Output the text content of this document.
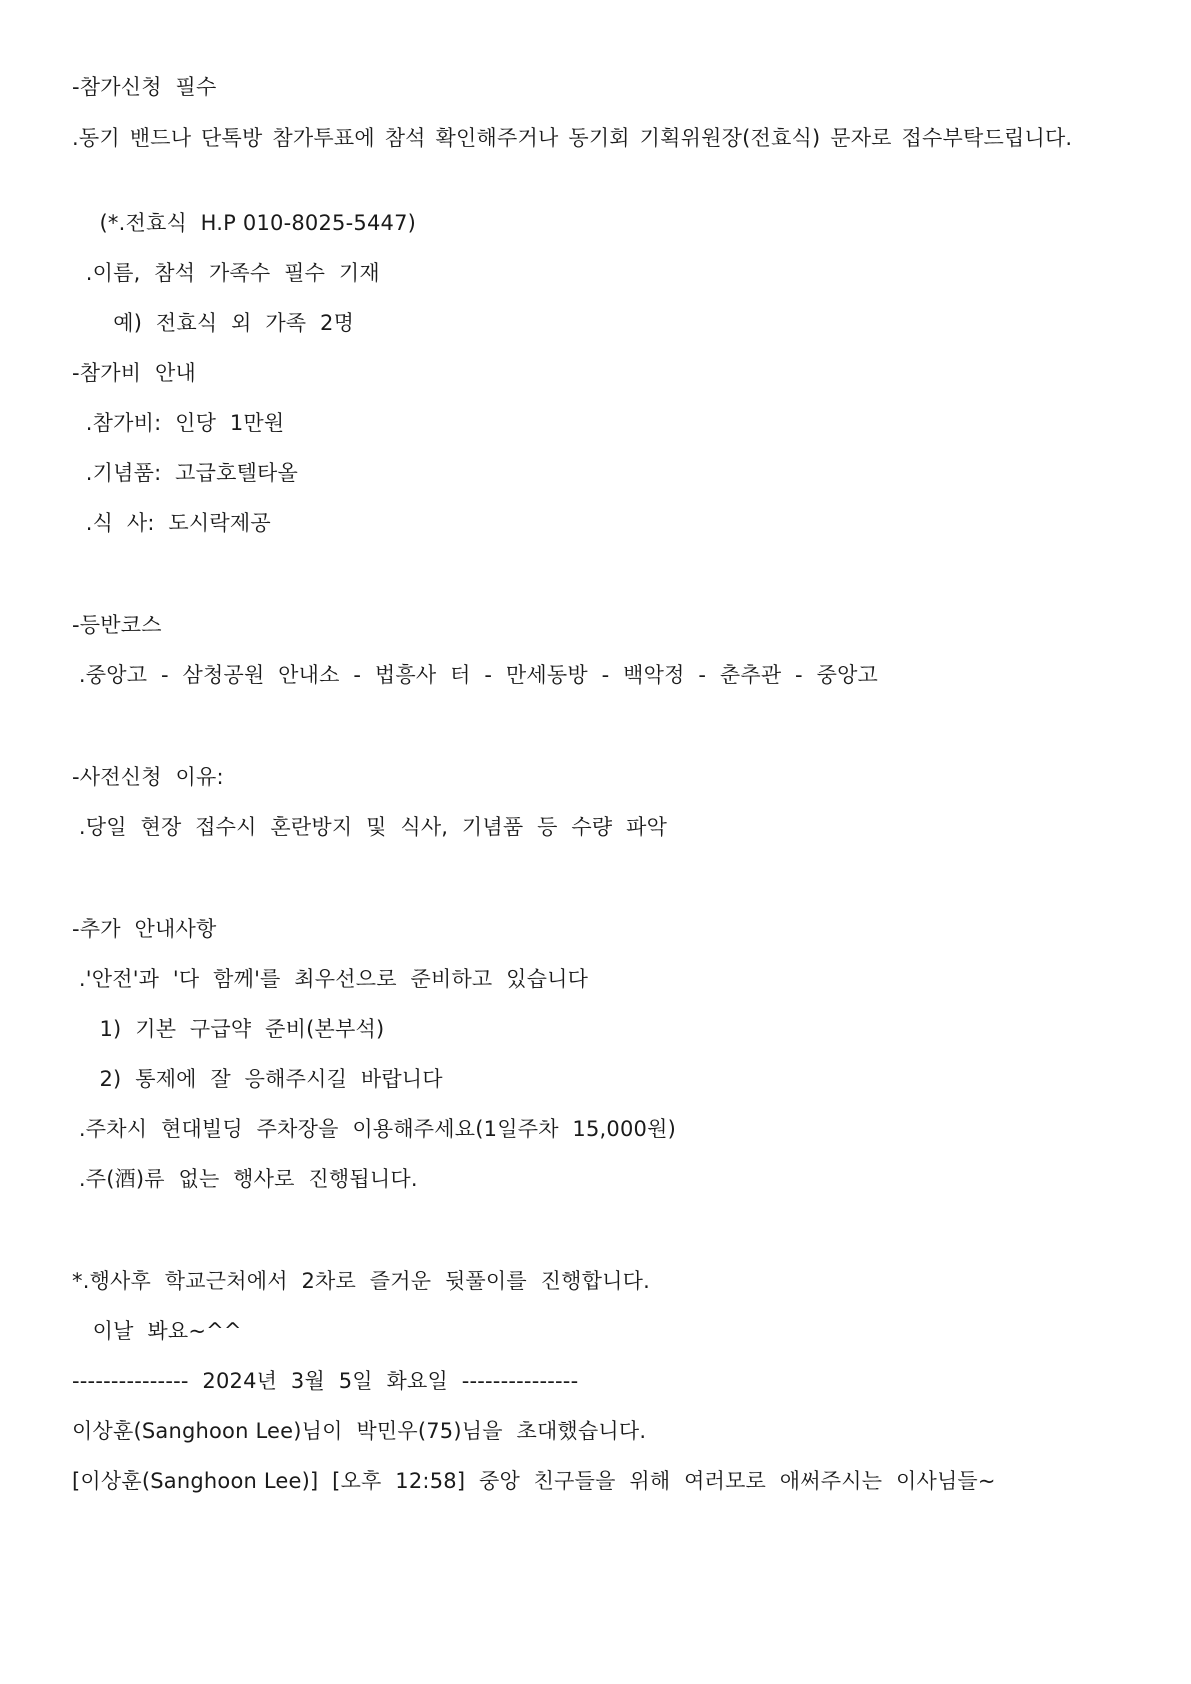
-참가신청  필수
.동기 밴드나 단톡방 참가투표에 참석 확인해주거나 동기회 기획위원장(전효식) 문자로 접수부탁드립니다.
(*.전효식  H.P 010-8025-5447)
.이름,  참석  가족수  필수  기재
예)  전효식  외  가족  2명
-참가비  안내
.참가비:  인당  1만원
.기념품:  고급호텔타올
.식  사:  도시락제공
-등반코스
.중앙고  -  삼청공원  안내소  -  법흥사  터  -  만세동방  -  백악정  -  춘추관  -  중앙고
-사전신청  이유:
.당일  현장  접수시  혼란방지  및  식사,  기념품  등  수량  파악
-추가  안내사항
.'안전'과  '다  함께'를  최우선으로  준비하고  있습니다
1)  기본  구급약  준비(본부석)
2)  통제에  잘  응해주시길  바랍니다
.주차시  현대빌딩  주차장을  이용해주세요(1일주차  15,000원)
.주(酒)류  없는  행사로  진행됩니다.
*.행사후  학교근처에서  2차로  즐거운  뒷풀이를  진행합니다.
이날  봐요~^^
---------------  2024년  3월  5일  화요일  ---------------
이상훈(Sanghoon Lee)님이  박민우(75)님을  초대했습니다.
[이상훈(Sanghoon Lee)]  [오후  12:58]  중앙  친구들을  위해  여러모로  애써주시는  이사님들~
